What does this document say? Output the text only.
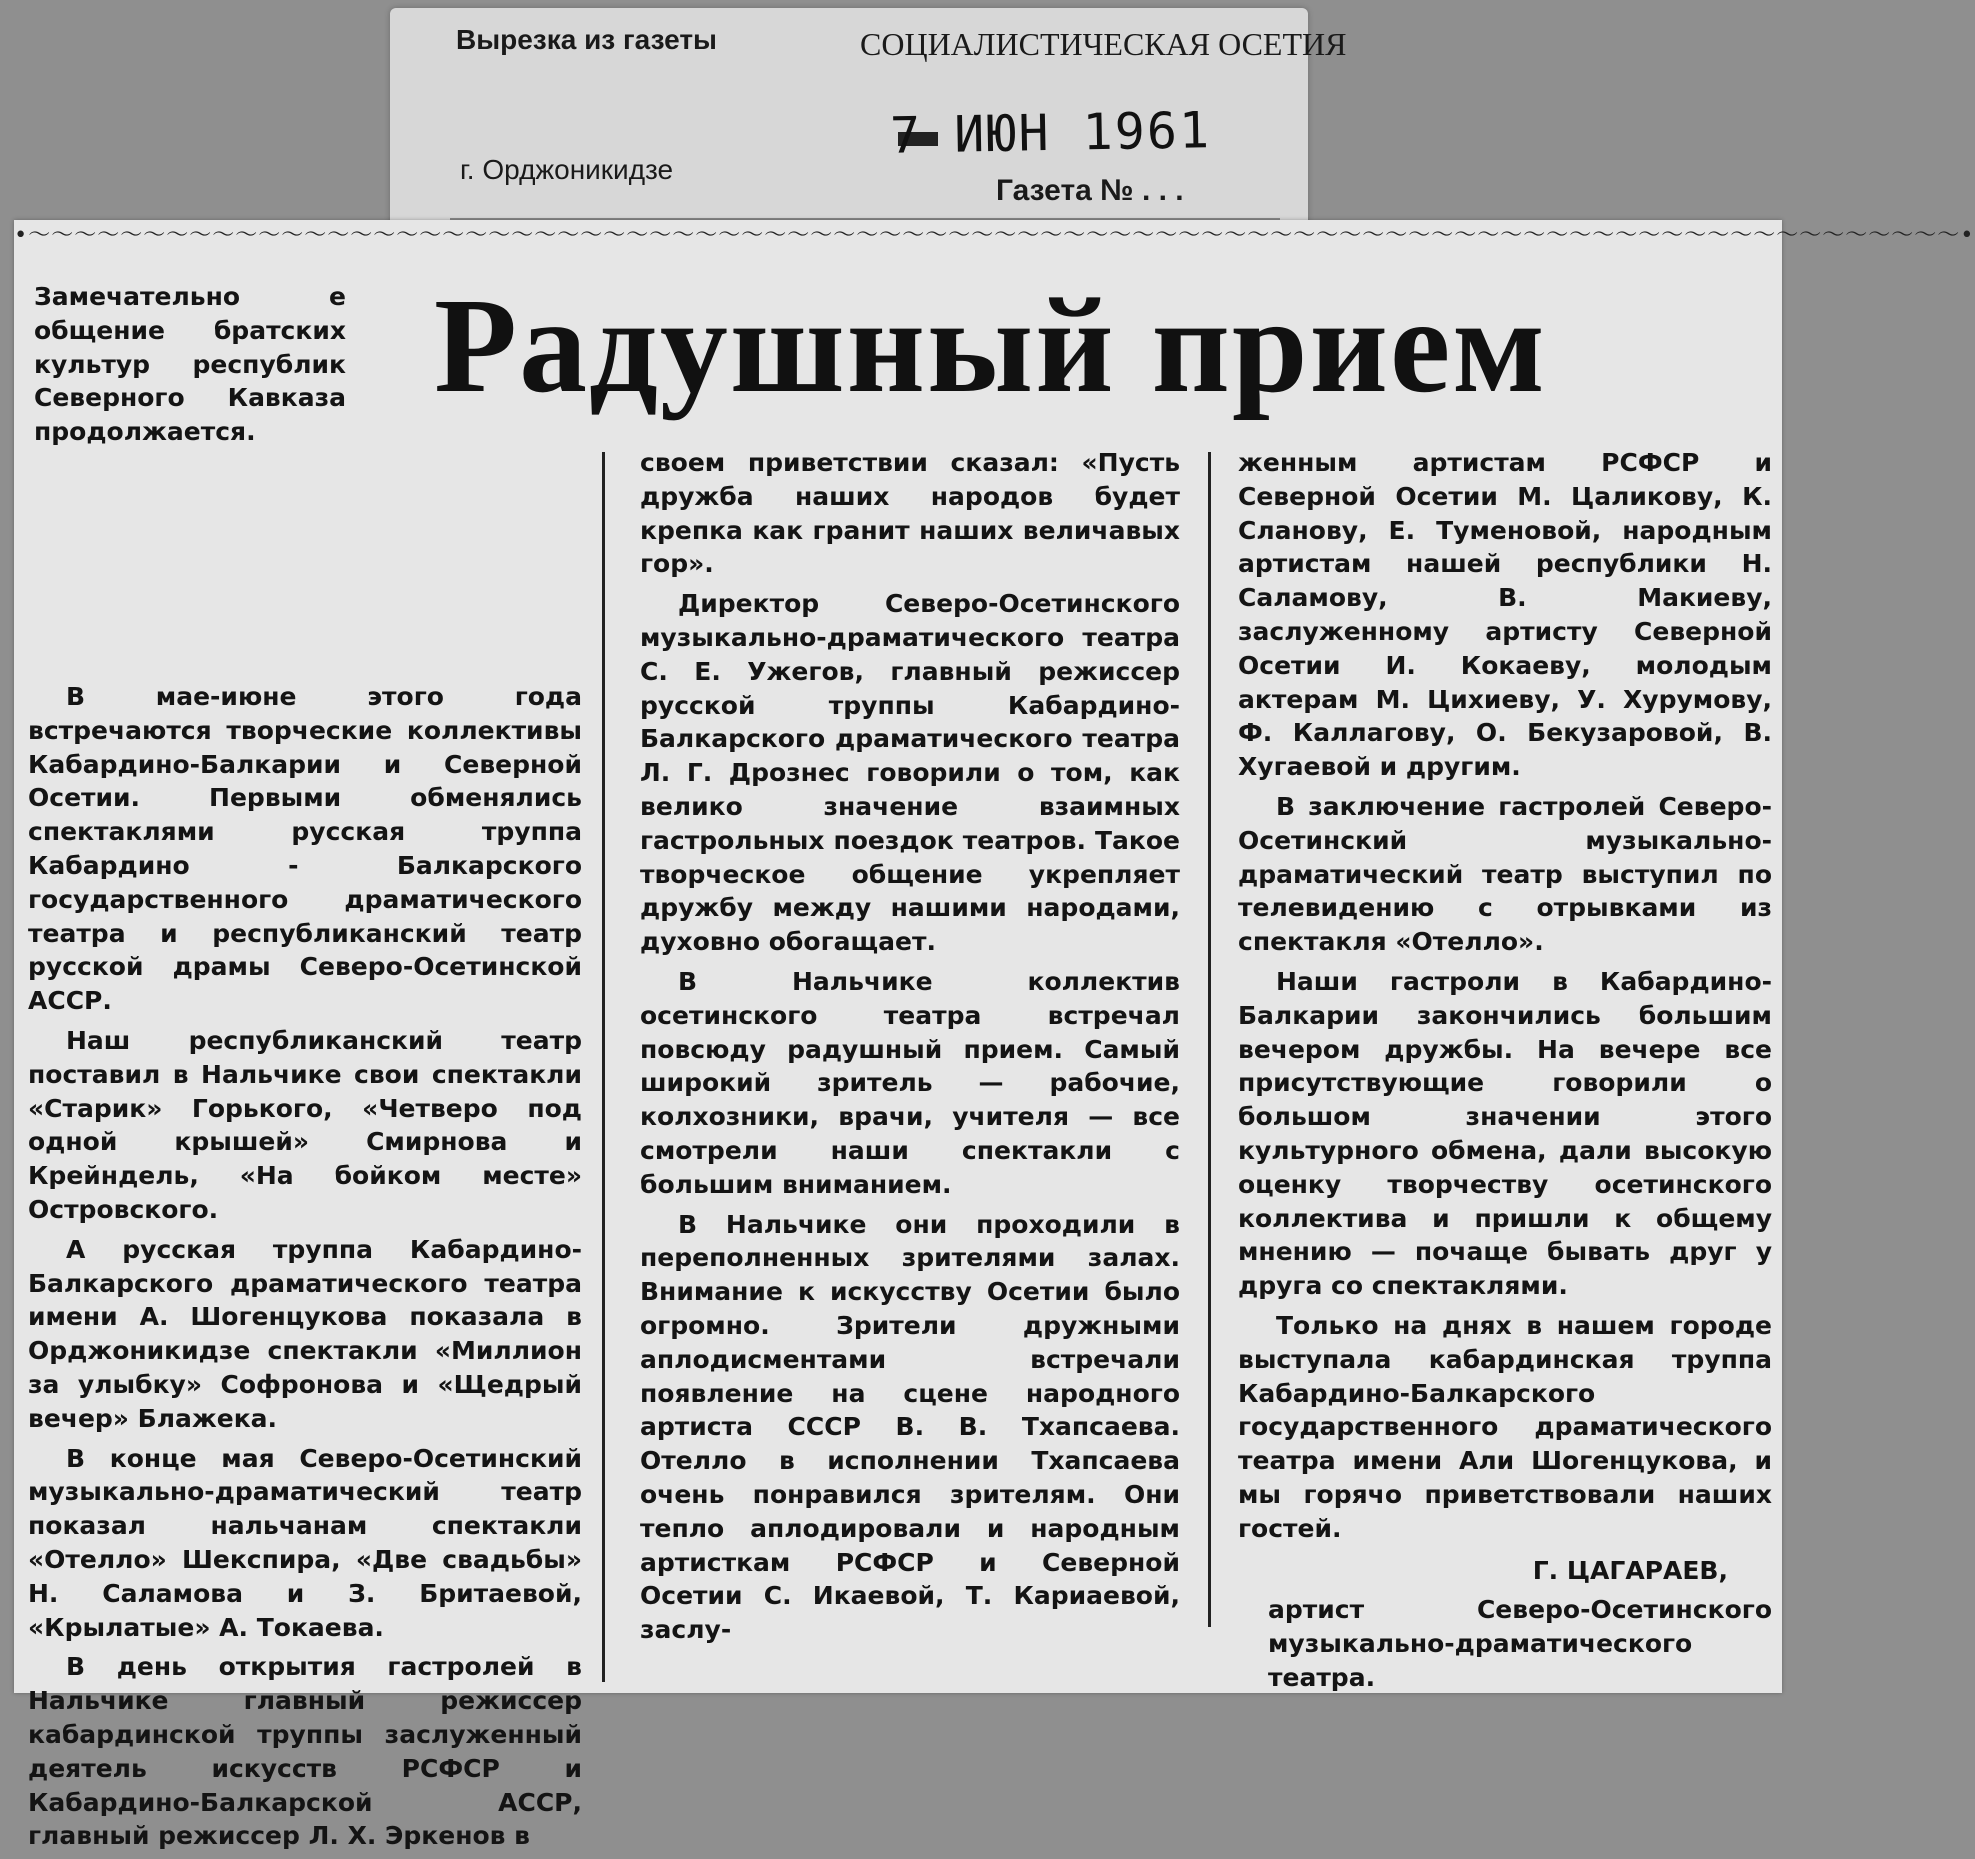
Вырезка из газеты	СОЦИАЛИСТИЧЕСКАЯ ОСЕТИЯ
7 ИЮН 1961
г. Орджоникидзе
Газета № . . .
•〜〜〜〜〜〜〜〜〜〜〜〜〜〜〜〜〜〜〜〜〜〜〜〜〜〜〜〜〜〜〜〜〜〜〜〜〜〜〜〜〜〜〜〜〜〜〜〜〜〜〜〜〜〜〜〜〜〜〜〜〜〜〜〜〜〜〜〜〜〜〜〜〜〜〜〜〜〜〜〜〜〜〜〜•
Радушный прием
Замечательно е общение братских культур республик Северного Кавказа продолжается.

В мае-июне этого года встречаются творческие коллективы Кабардино-Балкарии и Северной Осетии. Первыми обменялись спектаклями русская труппа Кабардино - Балкарского государственного драматического театра и республиканский театр русской драмы Северо-Осетинской АССР.

Наш республиканский театр поставил в Нальчике свои спектакли «Старик» Горького, «Четверо под одной крышей» Смирнова и Крейндель, «На бойком месте» Островского.

А русская труппа Кабардино-Балкарского драматического театра имени А. Шогенцукова показала в Орджоникидзе спектакли «Миллион за улыбку» Софронова и «Щедрый вечер» Блажека.

В конце мая Северо-Осетинский музыкально-драматический театр показал нальчанам спектакли «Отелло» Шекспира, «Две свадьбы» Н. Саламова и З. Бритаевой, «Крылатые» А. Токаева.

В день открытия гастролей в Нальчике главный режиссер кабардинской труппы заслуженный деятель искусств РСФСР и Кабардино-Балкарской АССР, главный режиссер Л. Х. Эркенов в

своем приветствии сказал: «Пусть дружба наших народов будет крепка как гранит наших величавых гор».

Директор Северо-Осетинского музыкально-драматического театра С. Е. Ужегов, главный режиссер русской труппы Кабардино-Балкарского драматического театра Л. Г. Дрознес говорили о том, как велико значение взаимных гастрольных поездок театров. Такое творческое общение укрепляет дружбу между нашими народами, духовно обогащает.

В Нальчике коллектив осетинского театра встречал повсюду радушный прием. Самый широкий зритель — рабочие, колхозники, врачи, учителя — все смотрели наши спектакли с большим вниманием.

В Нальчике они проходили в переполненных зрителями залах. Внимание к искусству Осетии было огромно. Зрители дружными аплодисментами встречали появление на сцене народного артиста СССР В. В. Тхапсаева. Отелло в исполнении Тхапсаева очень понравился зрителям. Они тепло аплодировали и народным артисткам РСФСР и Северной Осетии С. Икаевой, Т. Кариаевой, заслу-

женным артистам РСФСР и Северной Осетии М. Цаликову, К. Сланову, Е. Туменовой, народным артистам нашей республики Н. Саламову, В. Макиеву, заслуженному артисту Северной Осетии И. Кокаеву, молодым актерам М. Цихиеву, У. Хурумову, Ф. Каллагову, О. Бекузаровой, В. Хугаевой и другим.

В заключение гастролей Северо-Осетинский музыкально-драматический театр выступил по телевидению с отрывками из спектакля «Отелло».

Наши гастроли в Кабардино-Балкарии закончились большим вечером дружбы. На вечере все присутствующие говорили о большом значении этого культурного обмена, дали высокую оценку творчеству осетинского коллектива и пришли к общему мнению — почаще бывать друг у друга со спектаклями.

Только на днях в нашем городе выступала кабардинская труппа Кабардино-Балкарского государственного драматического театра имени Али Шогенцукова, и мы горячо приветствовали наших гостей.

Г. ЦАГАРАЕВ,

артист Северо-Осетинского музыкально-драматического театра.
